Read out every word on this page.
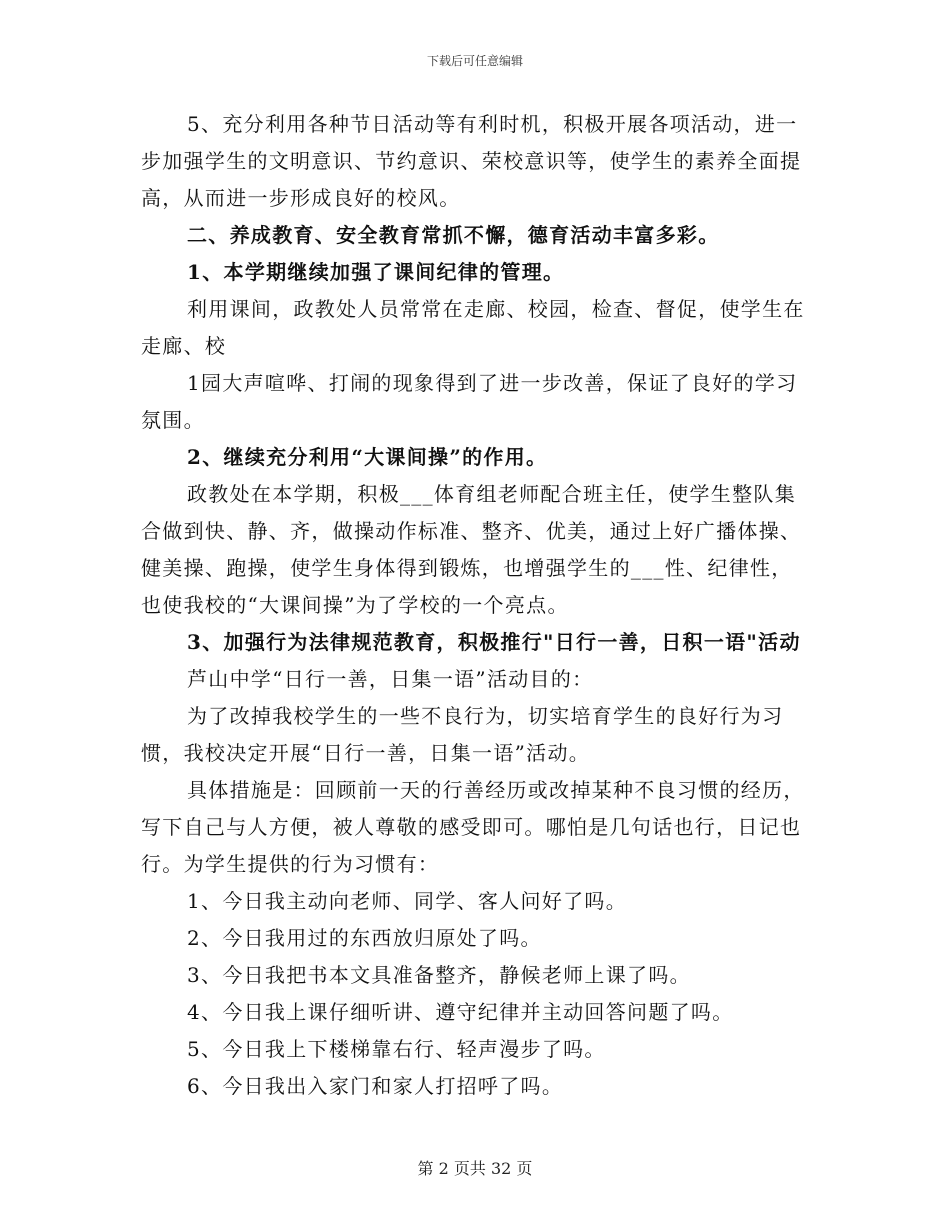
下载后可任意编辑

5、充分利用各种节日活动等有利时机，积极开展各项活动，进一步加强学生的文明意识、节约意识、荣校意识等，使学生的素养全面提高，从而进一步形成良好的校风。

二、养成教育、安全教育常抓不懈，德育活动丰富多彩。

1、本学期继续加强了课间纪律的管理。

利用课间，政教处人员常常在走廊、校园，检查、督促，使学生在走廊、校

1园大声喧哗、打闹的现象得到了进一步改善，保证了良好的学习氛围。

2、继续充分利用“大课间操”的作用。

政教处在本学期，积极___体育组老师配合班主任，使学生整队集合做到快、静、齐，做操动作标准、整齐、优美，通过上好广播体操、健美操、跑操，使学生身体得到锻炼，也增强学生的___性、纪律性，也使我校的“大课间操”为了学校的一个亮点。

3、加强行为法律规范教育，积极推行"日行一善，日积一语"活动

芦山中学“日行一善，日集一语”活动目的：

为了改掉我校学生的一些不良行为，切实培育学生的良好行为习惯，我校决定开展“日行一善，日集一语”活动。

具体措施是：回顾前一天的行善经历或改掉某种不良习惯的经历，写下自己与人方便，被人尊敬的感受即可。哪怕是几句话也行，日记也行。为学生提供的行为习惯有：

1、今日我主动向老师、同学、客人问好了吗。

2、今日我用过的东西放归原处了吗。

3、今日我把书本文具准备整齐，静候老师上课了吗。

4、今日我上课仔细听讲、遵守纪律并主动回答问题了吗。

5、今日我上下楼梯靠右行、轻声漫步了吗。

6、今日我出入家门和家人打招呼了吗。

第 2 页共 32 页
